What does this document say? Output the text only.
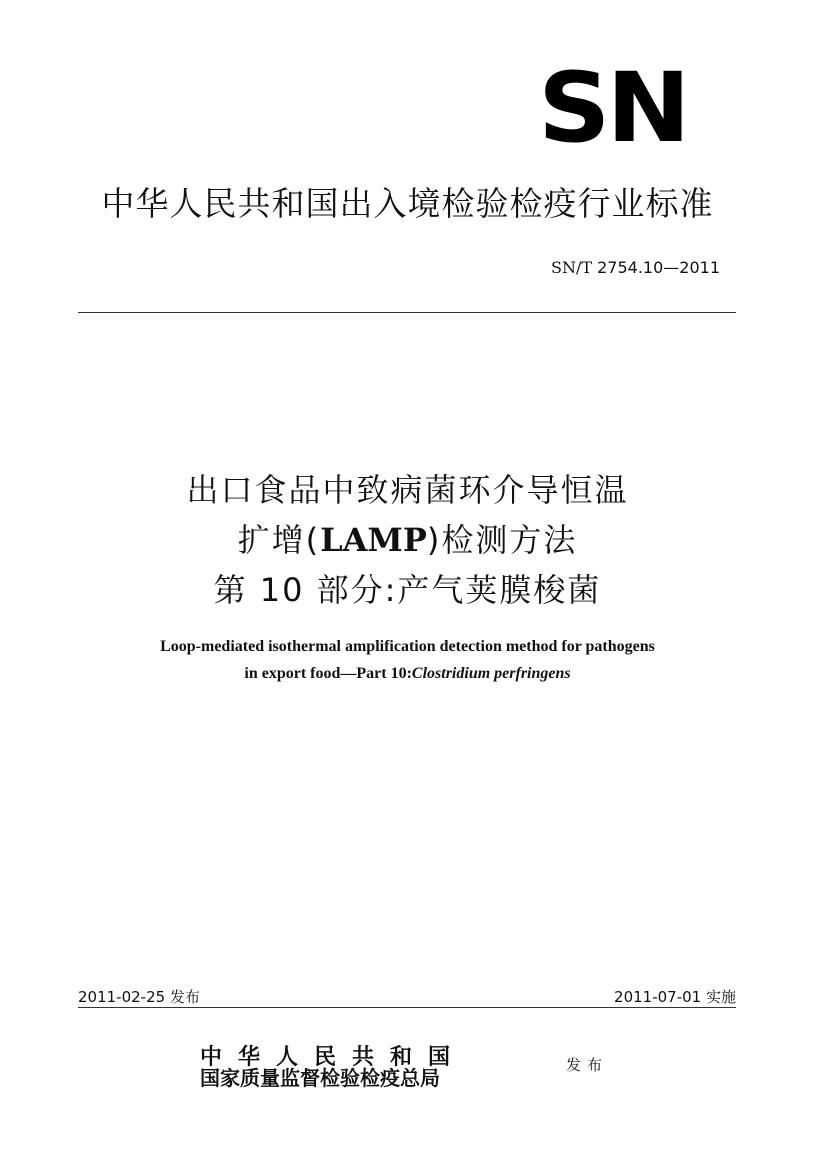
SN
中华人民共和国出入境检验检疫行业标准
SN/T 2754.10—2011
出口食品中致病菌环介导恒温
扩增(LAMP)检测方法
第 10 部分:产气荚膜梭菌
Loop-mediated isothermal amplification detection method for pathogens
in export food—Part 10:Clostridium perfringens
2011-02-25 发布	2011-07-01 实施
中华人民共和国
国家质量监督检验检疫总局
发布
